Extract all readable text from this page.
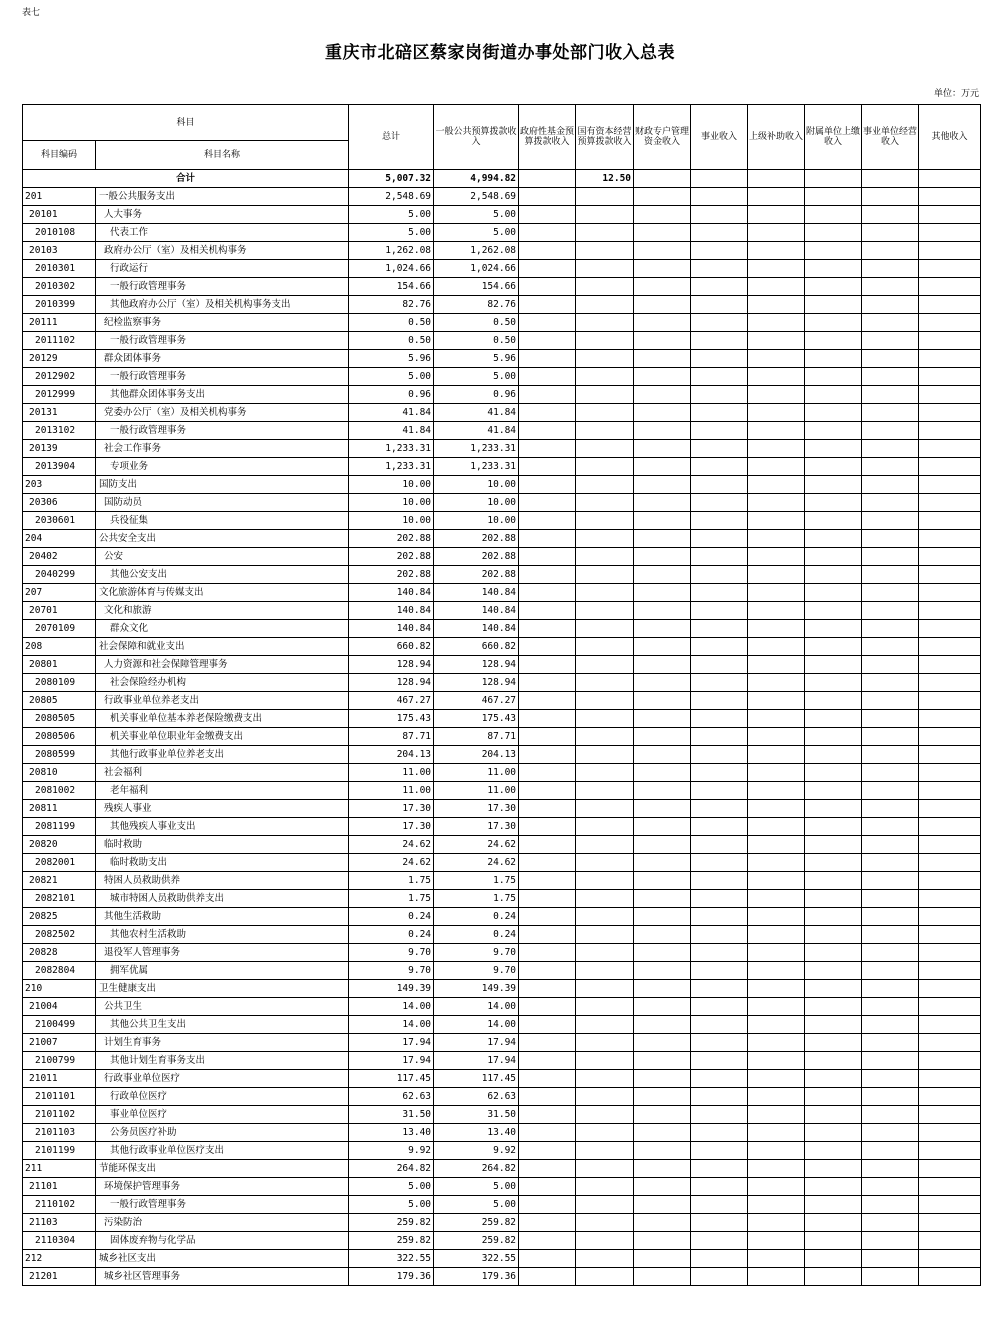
表七
重庆市北碚区蔡家岗街道办事处部门收入总表
单位：万元
科目		总计	一般公共预算拨款收入	政府性基金预算拨款收入	国有资本经营预算拨款收入	财政专户管理资金收入	事业收入	上级补助收入	附属单位上缴收入	事业单位经营收入	其他收入
科目编码	科目名称										
合计		5,007.32	4,994.82		12.50						
201	一般公共服务支出	2,548.69	2,548.69								
20101	人大事务	5.00	5.00								
2010108	代表工作	5.00	5.00								
20103	政府办公厅（室）及相关机构事务	1,262.08	1,262.08								
2010301	行政运行	1,024.66	1,024.66								
2010302	一般行政管理事务	154.66	154.66								
2010399	其他政府办公厅（室）及相关机构事务支出	82.76	82.76								
20111	纪检监察事务	0.50	0.50								
2011102	一般行政管理事务	0.50	0.50								
20129	群众团体事务	5.96	5.96								
2012902	一般行政管理事务	5.00	5.00								
2012999	其他群众团体事务支出	0.96	0.96								
20131	党委办公厅（室）及相关机构事务	41.84	41.84								
2013102	一般行政管理事务	41.84	41.84								
20139	社会工作事务	1,233.31	1,233.31								
2013904	专项业务	1,233.31	1,233.31								
203	国防支出	10.00	10.00								
20306	国防动员	10.00	10.00								
2030601	兵役征集	10.00	10.00								
204	公共安全支出	202.88	202.88								
20402	公安	202.88	202.88								
2040299	其他公安支出	202.88	202.88								
207	文化旅游体育与传媒支出	140.84	140.84								
20701	文化和旅游	140.84	140.84								
2070109	群众文化	140.84	140.84								
208	社会保障和就业支出	660.82	660.82								
20801	人力资源和社会保障管理事务	128.94	128.94								
2080109	社会保险经办机构	128.94	128.94								
20805	行政事业单位养老支出	467.27	467.27								
2080505	机关事业单位基本养老保险缴费支出	175.43	175.43								
2080506	机关事业单位职业年金缴费支出	87.71	87.71								
2080599	其他行政事业单位养老支出	204.13	204.13								
20810	社会福利	11.00	11.00								
2081002	老年福利	11.00	11.00								
20811	残疾人事业	17.30	17.30								
2081199	其他残疾人事业支出	17.30	17.30								
20820	临时救助	24.62	24.62								
2082001	临时救助支出	24.62	24.62								
20821	特困人员救助供养	1.75	1.75								
2082101	城市特困人员救助供养支出	1.75	1.75								
20825	其他生活救助	0.24	0.24								
2082502	其他农村生活救助	0.24	0.24								
20828	退役军人管理事务	9.70	9.70								
2082804	拥军优属	9.70	9.70								
210	卫生健康支出	149.39	149.39								
21004	公共卫生	14.00	14.00								
2100499	其他公共卫生支出	14.00	14.00								
21007	计划生育事务	17.94	17.94								
2100799	其他计划生育事务支出	17.94	17.94								
21011	行政事业单位医疗	117.45	117.45								
2101101	行政单位医疗	62.63	62.63								
2101102	事业单位医疗	31.50	31.50								
2101103	公务员医疗补助	13.40	13.40								
2101199	其他行政事业单位医疗支出	9.92	9.92								
211	节能环保支出	264.82	264.82								
21101	环境保护管理事务	5.00	5.00								
2110102	一般行政管理事务	5.00	5.00								
21103	污染防治	259.82	259.82								
2110304	固体废弃物与化学品	259.82	259.82								
212	城乡社区支出	322.55	322.55								
21201	城乡社区管理事务	179.36	179.36								
